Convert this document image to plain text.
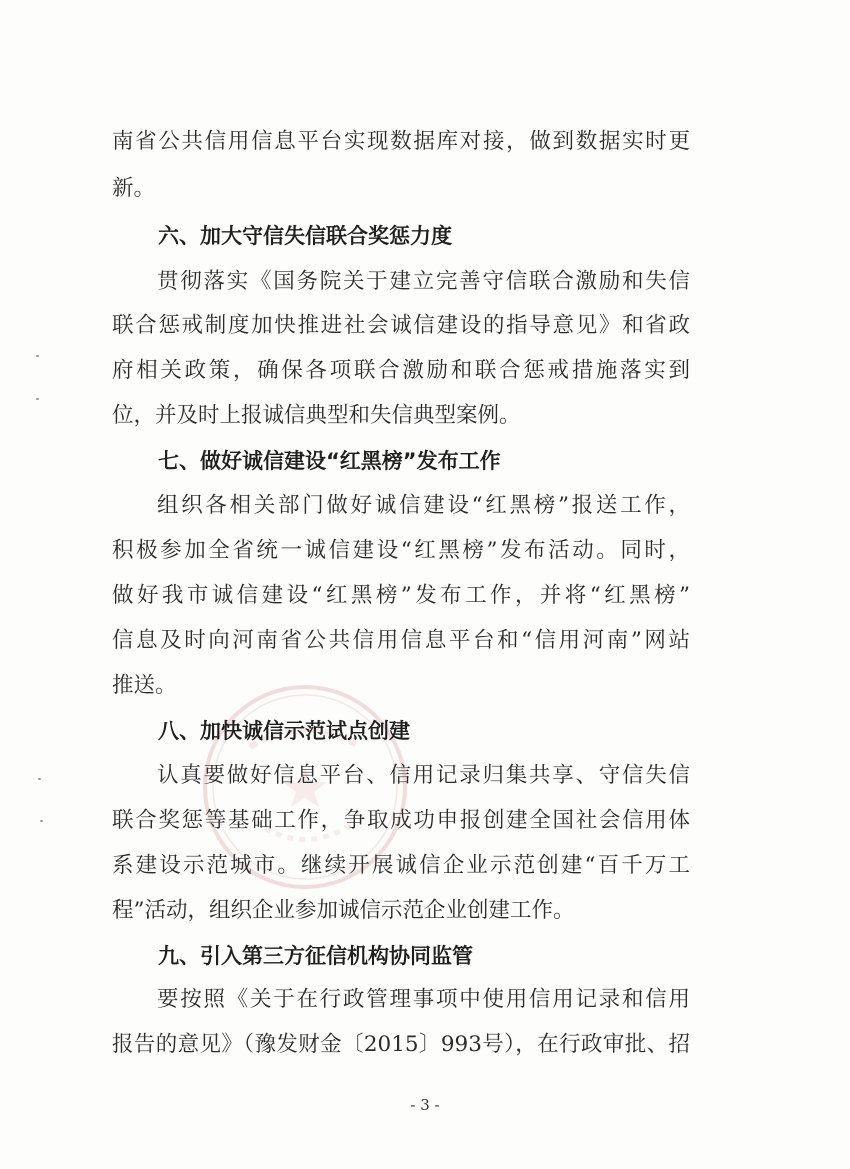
南省公共信用信息平台实现数据库对接，做到数据实时更
新。
六、加大守信失信联合奖惩力度
贯彻落实《国务院关于建立完善守信联合激励和失信
联合惩戒制度加快推进社会诚信建设的指导意见》和省政
府相关政策，确保各项联合激励和联合惩戒措施落实到
位，并及时上报诚信典型和失信典型案例。
七、做好诚信建设“红黑榜”发布工作
组织各相关部门做好诚信建设“红黑榜”报送工作，
积极参加全省统一诚信建设“红黑榜”发布活动。同时，
做好我市诚信建设“红黑榜”发布工作，并将“红黑榜”
信息及时向河南省公共信用信息平台和“信用河南”网站
推送。
八、加快诚信示范试点创建
认真要做好信息平台、信用记录归集共享、守信失信
联合奖惩等基础工作，争取成功申报创建全国社会信用体
系建设示范城市。继续开展诚信企业示范创建“百千万工
程”活动，组织企业参加诚信示范企业创建工作。
九、引入第三方征信机构协同监管
要按照《关于在行政管理事项中使用信用记录和信用
报告的意见》（豫发财金〔2015〕993号），在行政审批、招
- 3 -
